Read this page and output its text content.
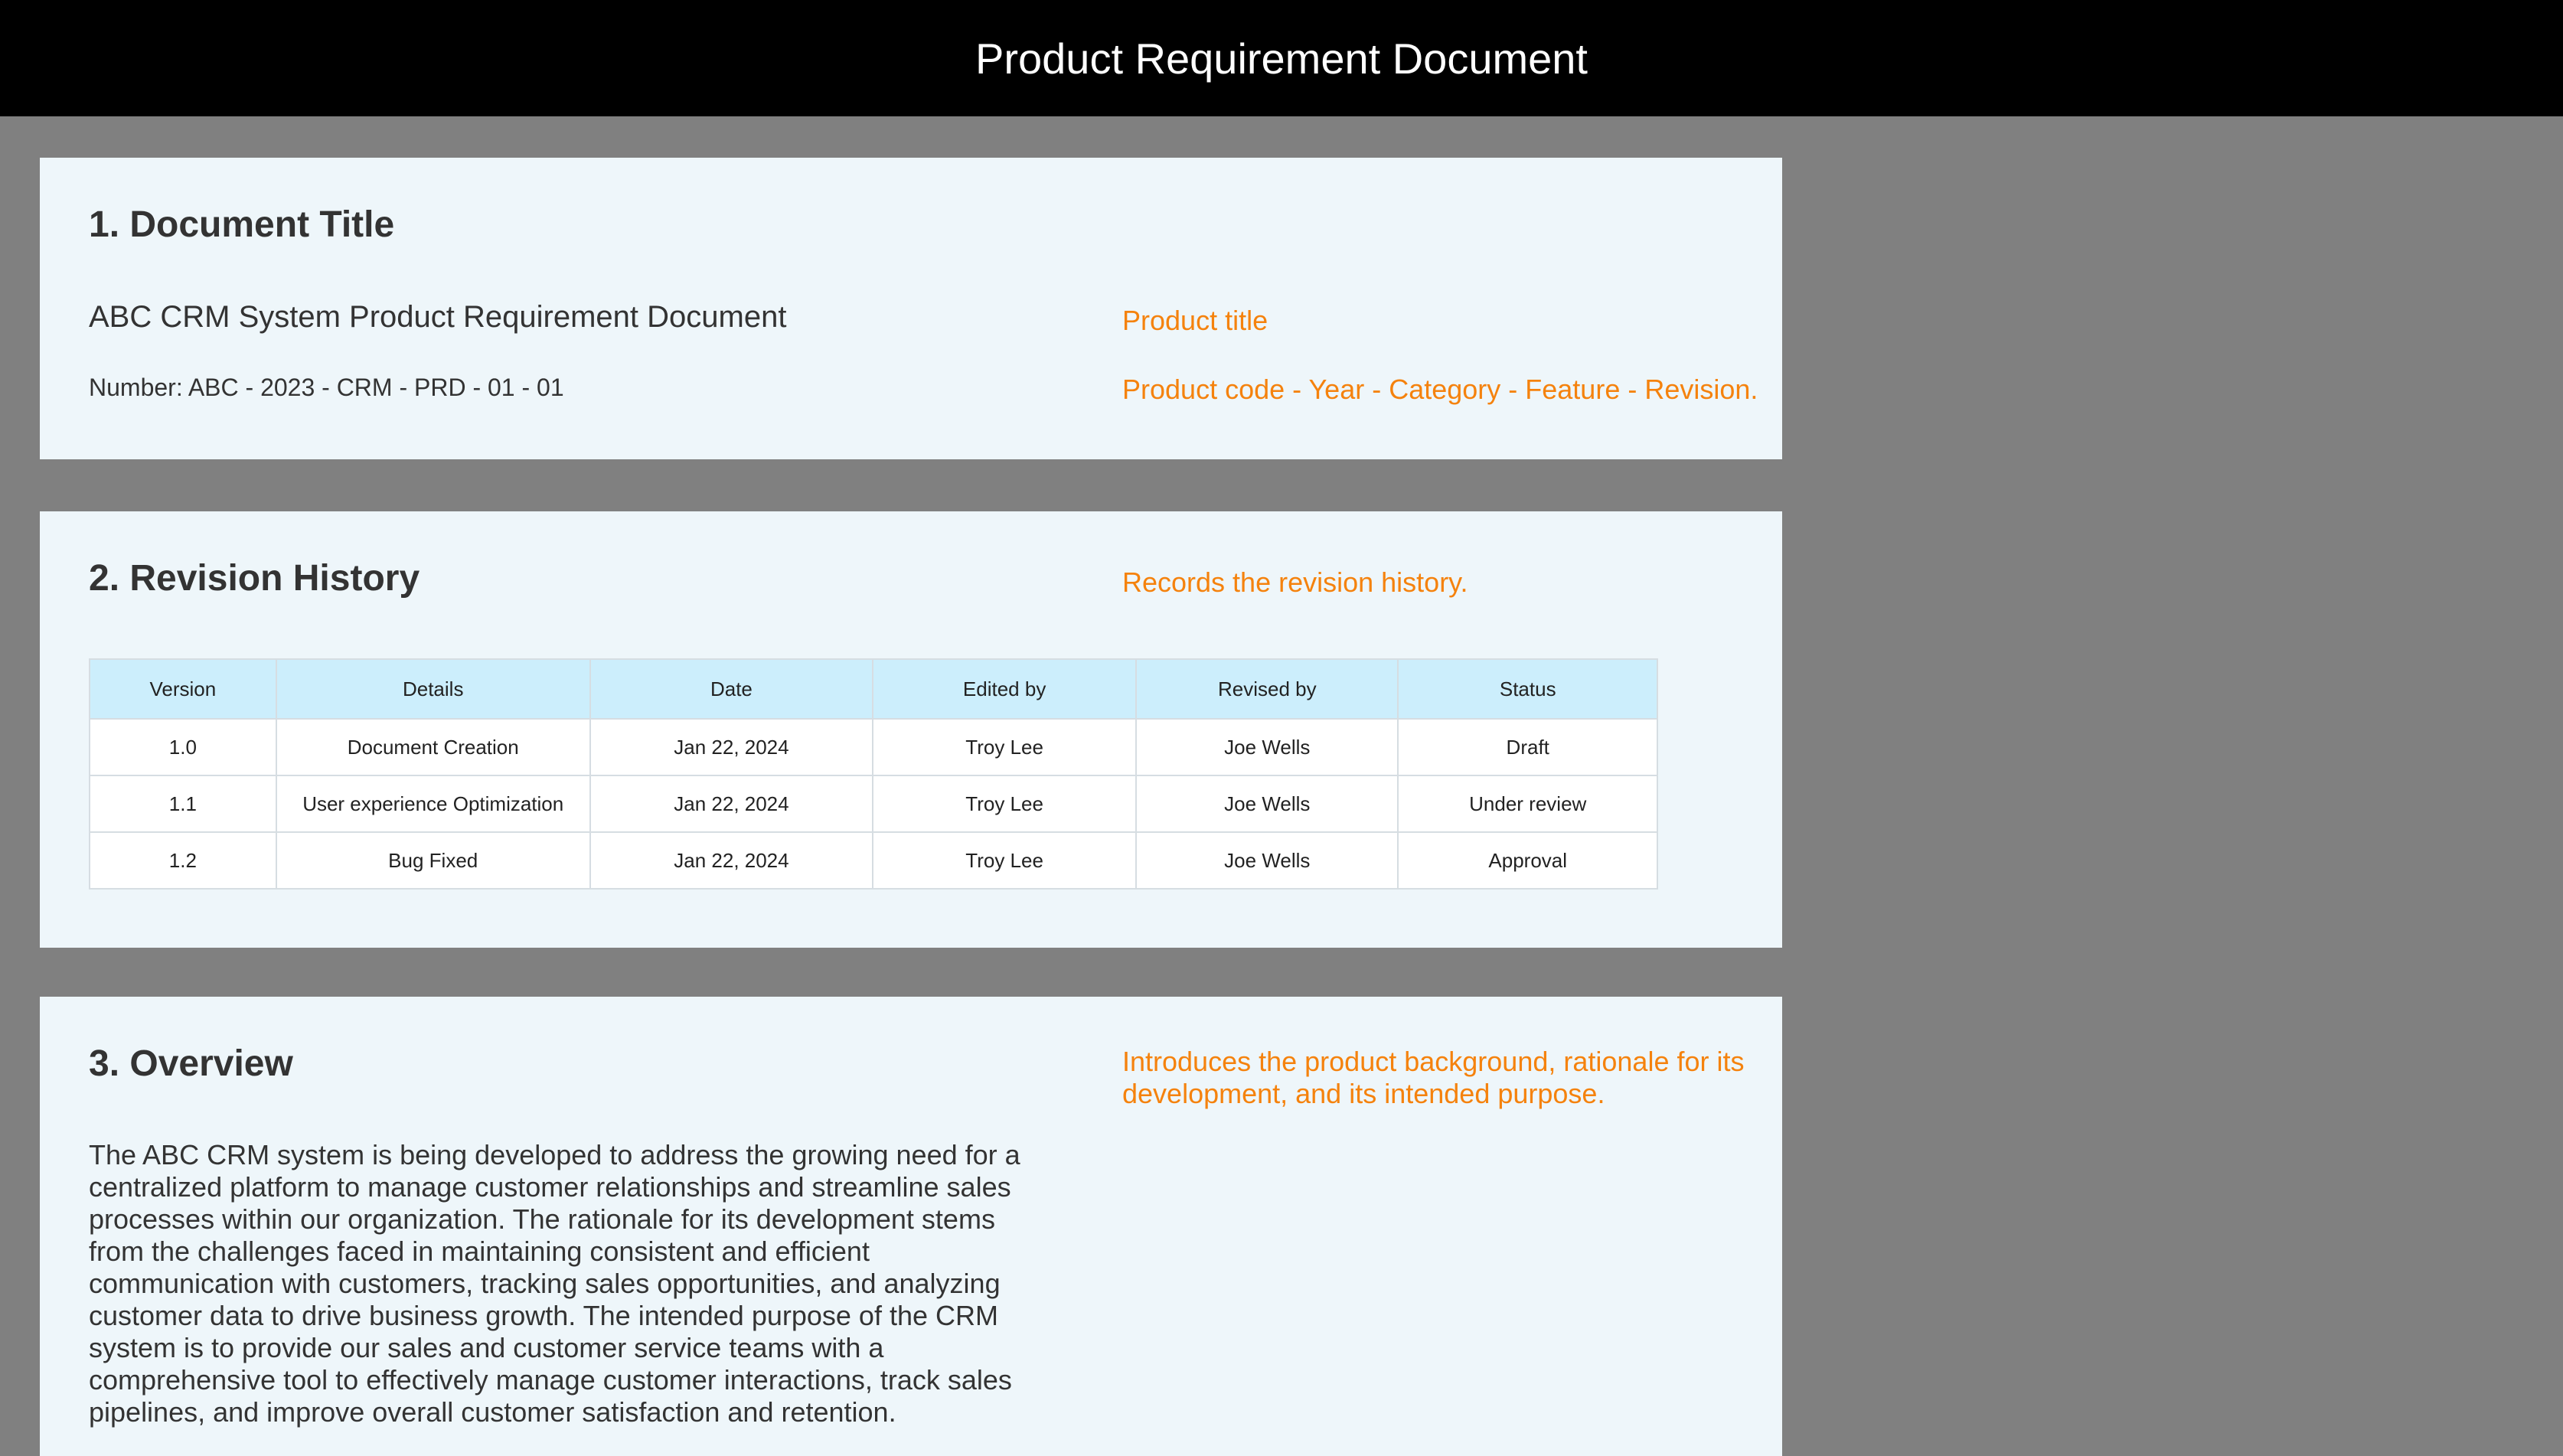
Product Requirement Document
1. Document Title
ABC CRM System Product Requirement Document
Number: ABC - 2023 - CRM - PRD - 01 - 01
Product title
Product code - Year - Category - Feature - Revision.
2. Revision History	Records the revision history.
Version	Details	Date	Edited by	Revised by	Status
1.0	Document Creation	Jan 22, 2024	Troy Lee	Joe Wells	Draft
1.1	User experience Optimization	Jan 22, 2024	Troy Lee	Joe Wells	Under review
1.2	Bug Fixed	Jan 22, 2024	Troy Lee	Joe Wells	Approval
3. Overview	Introduces the product background, rationale for its development, and its intended purpose.
The ABC CRM system is being developed to address the growing need for a centralized platform to manage customer relationships and streamline sales processes within our organization. The rationale for its development stems from the challenges faced in maintaining consistent and efficient communication with customers, tracking sales opportunities, and analyzing customer data to drive business growth. The intended purpose of the CRM system is to provide our sales and customer service teams with a comprehensive tool to effectively manage customer interactions, track sales pipelines, and improve overall customer satisfaction and retention.
